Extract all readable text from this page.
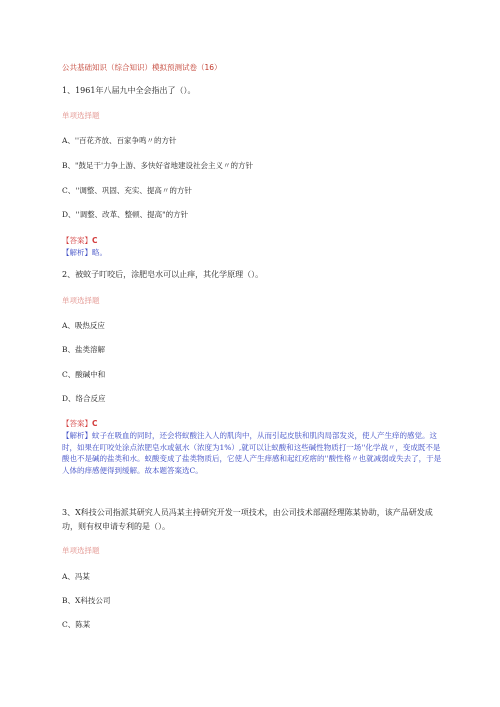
公共基础知识（综合知识）模拟预测试卷（16）
1、1961年八届九中全会指出了（）。
单项选择题
A、''百花齐放、百家争鸣〃的方针
B、"鼓足干'力争上游、多快好省地建设社会主义〃的方针
C、''调整、巩固、充实、提高〃的方针
D、''调整、改革、整顿、提高"的方针
【答案】C
【解析】略。
2、被蚊子叮咬后，涂肥皂水可以止痒，其化学原理（）。
单项选择题
A、吸热反应
B、盐类溶解
C、酸碱中和
D、络合反应
【答案】C
【解析】蚊子在吸血的同时，还会将蚁酸注入人的肌肉中，从而引起皮肤和肌肉局部发炎，使人产生痒的感觉。这时，如果在叮咬处涂点浓肥皂水或氨水（浓度为1%）,就可以让蚁酸和这些碱性物质打一场''化学战〃，变成既不是酸也不是碱的盐类和水。蚁酸变成了盐类物质后，它使人产生痒感和起红疙瘩的''酸性格〃也就减弱或失去了，于是人体的痒感便得到缓解。故本题答案选C。
3、X科技公司指派其研究人员冯某主持研究开发一项技术，由公司技术部副经理陈某协助，该产品研发成功，则有权申请专利的是（）。
单项选择题
A、冯某
B、X科技公司
C、陈某
